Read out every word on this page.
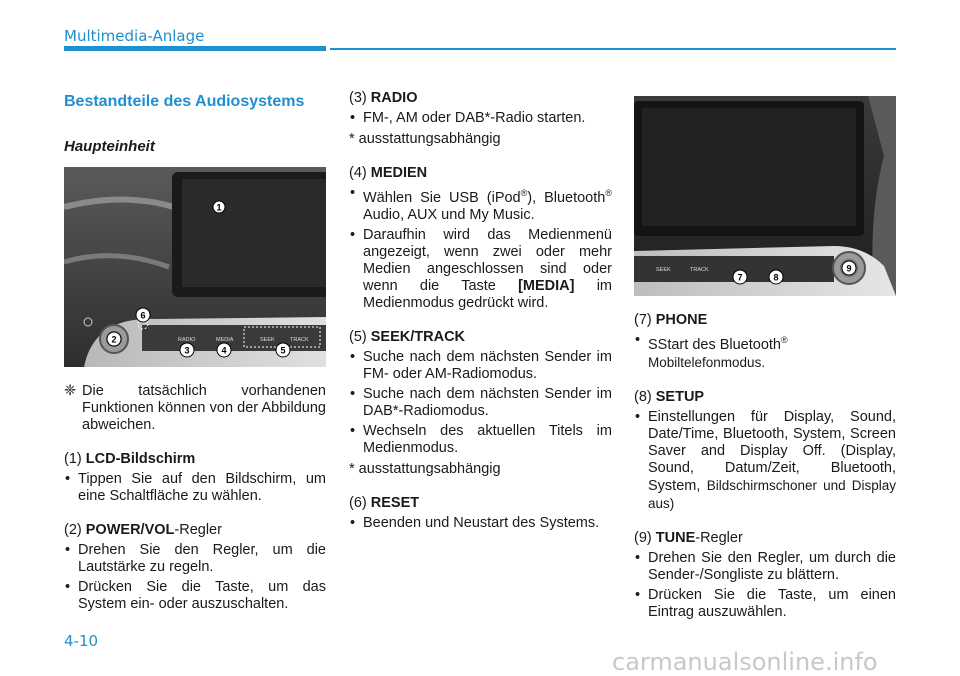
Multimedia-Anlage

Bestandteile des Audiosystems

Haupteinheit

RADIO	MEDIA	SEEK	TRACK
1
2
3	4	5
6

❈ Die tatsächlich vorhandenen Funktionen können von der Abbildung abweichen.

(1) LCD-Bildschirm

• Tippen Sie auf den Bildschirm, um eine Schaltfläche zu wählen.

(2) POWER/VOL-Regler

• Drehen Sie den Regler, um die Lautstärke zu regeln.

• Drücken Sie die Taste, um das System ein- oder auszuschalten.

(3) RADIO

• FM-, AM oder DAB*-Radio starten.

* ausstattungsabhängig

(4) MEDIEN

• Wählen Sie USB (iPod®), Bluetooth® Audio, AUX und My Music.

• Daraufhin wird das Medienmenü angezeigt, wenn zwei oder mehr Medien angeschlossen sind oder wenn die Taste [MEDIA] im Medienmodus gedrückt wird.

(5) SEEK/TRACK

• Suche nach dem nächsten Sender im FM- oder AM-Radiomodus.

• Suche nach dem nächsten Sender im DAB*-Radiomodus.

• Wechseln des aktuellen Titels im Medienmodus.

* ausstattungsabhängig

(6) RESET

• Beenden und Neustart des Systems.

SEEK	TRACK
7	8
9

(7) PHONE

• SStart des Bluetooth®
Mobiltelefonmodus.

(8) SETUP

• Einstellungen für Display, Sound, Date/Time, Bluetooth, System, Screen Saver and Display Off. (Display, Sound, Datum/Zeit, Bluetooth, System, Bildschirmschoner und Display aus)

(9) TUNE-Regler

• Drehen Sie den Regler, um durch die Sender-/Songliste zu blättern.

• Drücken Sie die Taste, um einen Eintrag auszuwählen.

4-10
carmanualsonline.info
